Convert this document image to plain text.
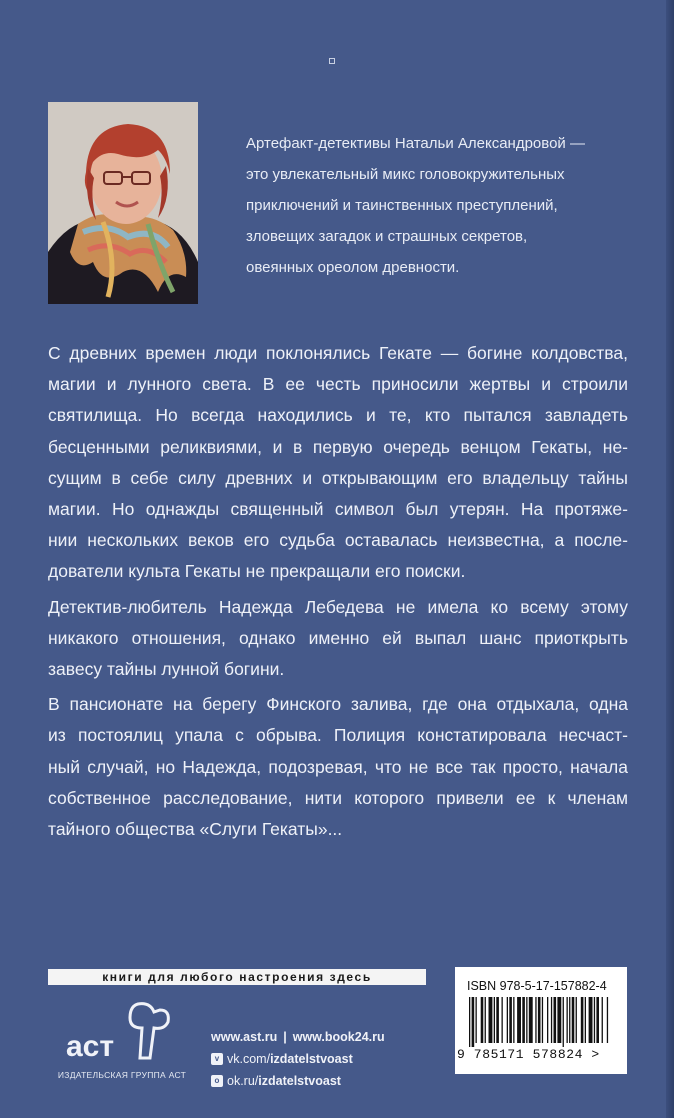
Артефакт-детективы Натальи Александровой —
это увлекательный микс головокружительных
приключений и таинственных преступлений,
зловещих загадок и страшных секретов,
овеянных ореолом древности.
С древних времен люди поклонялись Гекате — богине колдовства,
магии и лунного света. В ее честь приносили жертвы и строили
святилища. Но всегда находились и те, кто пытался завладеть
бесценными реликвиями, и в первую очередь венцом Гекаты, не-
сущим в себе силу древних и открывающим его владельцу тайны
магии. Но однажды священный символ был утерян. На протяже-
нии нескольких веков его судьба оставалась неизвестна, а после-
дователи культа Гекаты не прекращали его поиски.
Детектив-любитель Надежда Лебедева не имела ко всему этому
никакого отношения, однако именно ей выпал шанс приоткрыть
завесу тайны лунной богини.
В пансионате на берегу Финского залива, где она отдыхала, одна
из постоялиц упала с обрыва. Полиция констатировала несчаст-
ный случай, но Надежда, подозревая, что не все так просто, начала
собственное расследование, нити которого привели ее к членам
тайного общества «Слуги Гекаты»...
книги для любого настроения здесь
аст
ИЗДАТЕЛЬСКАЯ ГРУППА АСТ
www.ast.ru | www.book24.ru
v vk.com/ izdatelstvoast
o ok.ru/ izdatelstvoast
ISBN 978-5-17-157882-4
9 785171 578824 >
